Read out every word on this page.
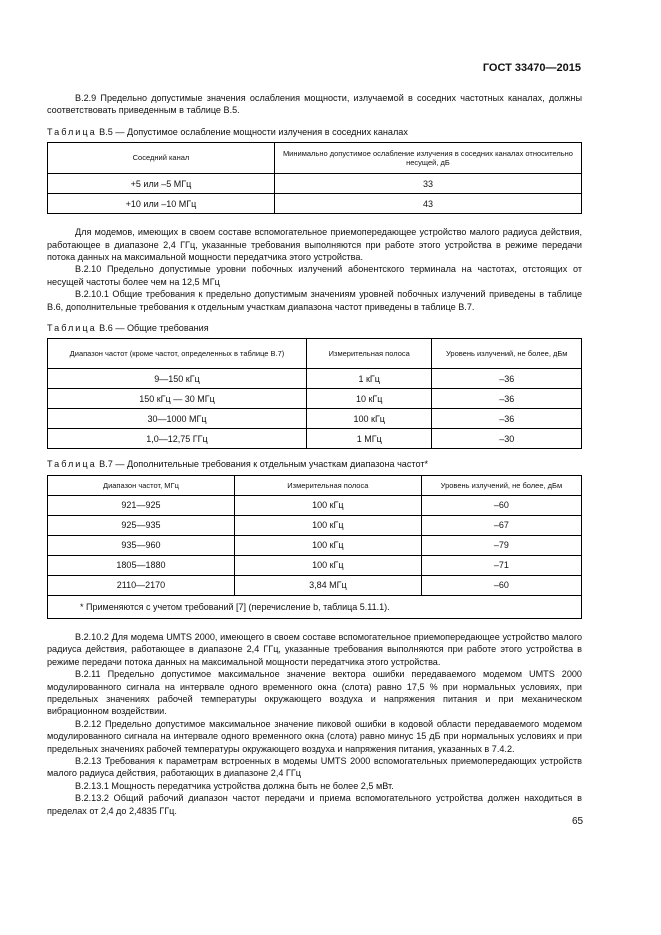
ГОСТ 33470—2015

В.2.9 Предельно допустимые значения ослабления мощности, излучаемой в соседних частотных каналах, должны соответствовать приведенным в таблице В.5.

Таблица В.5 — Допустимое ослабление мощности излучения в соседних каналах
Соседний канал	Минимально допустимое ослабление излучения в соседних каналах относительно несущей, дБ
+5 или –5 МГц	33
+10 или –10 МГц	43

Для модемов, имеющих в своем составе вспомогательное приемопередающее устройство малого радиуса действия, работающее в диапазоне 2,4 ГГц, указанные требования выполняются при работе этого устройства в режиме передачи потока данных на максимальной мощности передатчика этого устройства.

В.2.10 Предельно допустимые уровни побочных излучений абонентского терминала на частотах, отстоящих от несущей частоты более чем на 12,5 МГц

В.2.10.1 Общие требования к предельно допустимым значениям уровней побочных излучений приведены в таблице В.6, дополнительные требования к отдельным участкам диапазона частот приведены в таблице В.7.

Таблица В.6 — Общие требования
Диапазон частот (кроме частот, определенных в таблице В.7)	Измерительная полоса	Уровень излучений, не более, дБм
9—150 кГц	1 кГц	–36
150 кГц — 30 МГц	10 кГц	–36
30—1000 МГц	100 кГц	–36
1,0—12,75 ГГц	1 МГц	–30
Таблица В.7 — Дополнительные требования к отдельным участкам диапазона частот*
Диапазон частот, МГц	Измерительная полоса	Уровень излучений, не более, дБм
921—925	100 кГц	–60
925—935	100 кГц	–67
935—960	100 кГц	–79
1805—1880	100 кГц	–71
2110—2170	3,84 МГц	–60
* Применяются с учетом требований [7] (перечисление b, таблица 5.11.1).		

В.2.10.2 Для модема UMTS 2000, имеющего в своем составе вспомогательное приемопередающее устройство малого радиуса действия, работающее в диапазоне 2,4 ГГц, указанные требования выполняются при работе этого устройства в режиме передачи потока данных на максимальной мощности передатчика этого устройства.

В.2.11 Предельно допустимое максимальное значение вектора ошибки передаваемого модемом UMTS 2000 модулированного сигнала на интервале одного временного окна (слота) равно 17,5 % при нормальных условиях, при предельных значениях рабочей температуры окружающего воздуха и напряжения питания и при механическом вибрационном воздействии.

В.2.12 Предельно допустимое максимальное значение пиковой ошибки в кодовой области передаваемого модемом модулированного сигнала на интервале одного временного окна (слота) равно минус 15 дБ при нормальных условиях и при предельных значениях рабочей температуры окружающего воздуха и напряжения питания, указанных в 7.4.2.

В.2.13 Требования к параметрам встроенных в модемы UMTS 2000 вспомогательных приемопередающих устройств малого радиуса действия, работающих в диапазоне 2,4 ГГц

В.2.13.1 Мощность передатчика устройства должна быть не более 2,5 мВт.

В.2.13.2 Общий рабочий диапазон частот передачи и приема вспомогательного устройства должен находиться в пределах от 2,4 до 2,4835 ГГц.

65
